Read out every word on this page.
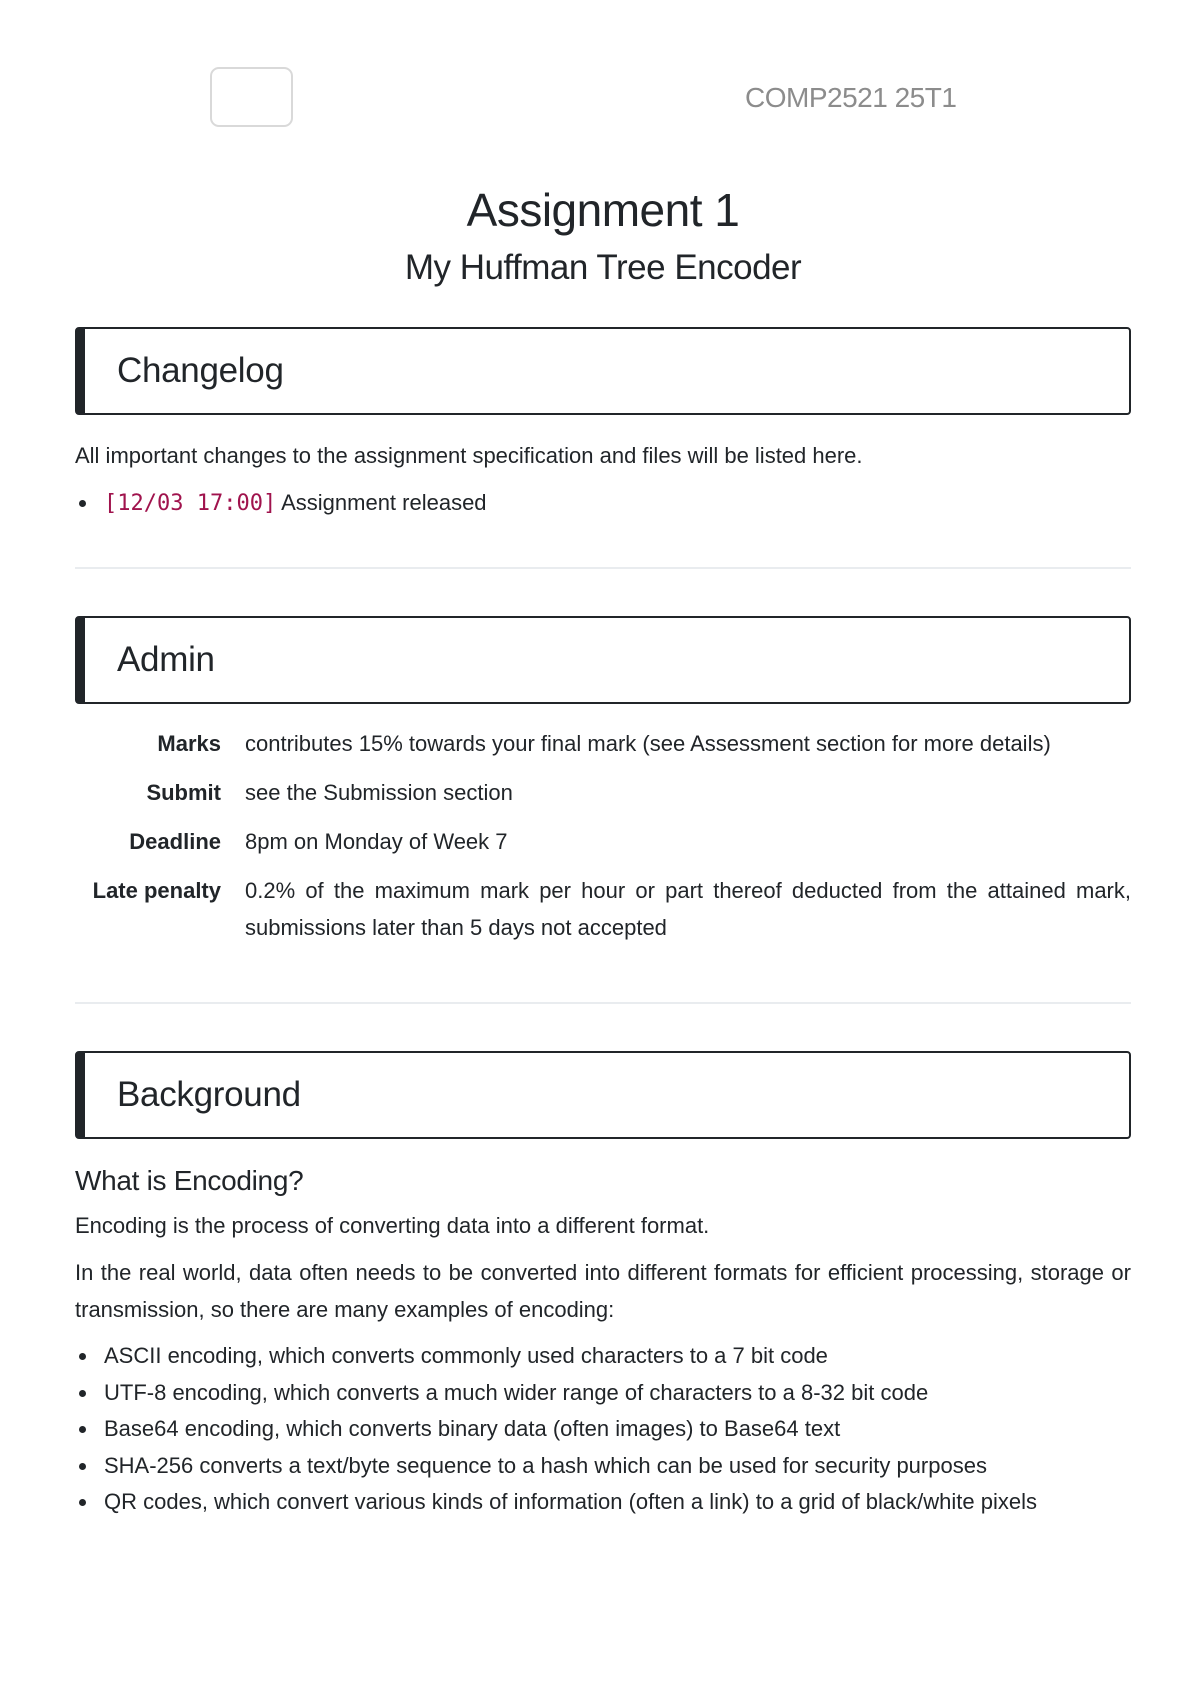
COMP2521 25T1
Assignment 1
My Huffman Tree Encoder
Changelog

All important changes to the assignment specification and files will be listed here.

[12/03 17:00] Assignment released
Admin
Marks	contributes 15% towards your final mark (see Assessment section for more details)
Submit	see the Submission section
Deadline	8pm on Monday of Week 7
Late penalty	0.2% of the maximum mark per hour or part thereof deducted from the attained mark, submissions later than 5 days not accepted
Background
What is Encoding?

Encoding is the process of converting data into a different format.

In the real world, data often needs to be converted into different formats for efficient processing, storage or transmission, so there are many examples of encoding:

ASCII encoding, which converts commonly used characters to a 7 bit code
UTF-8 encoding, which converts a much wider range of characters to a 8-32 bit code
Base64 encoding, which converts binary data (often images) to Base64 text
SHA-256 converts a text/byte sequence to a hash which can be used for security purposes
QR codes, which convert various kinds of information (often a link) to a grid of black/white pixels
